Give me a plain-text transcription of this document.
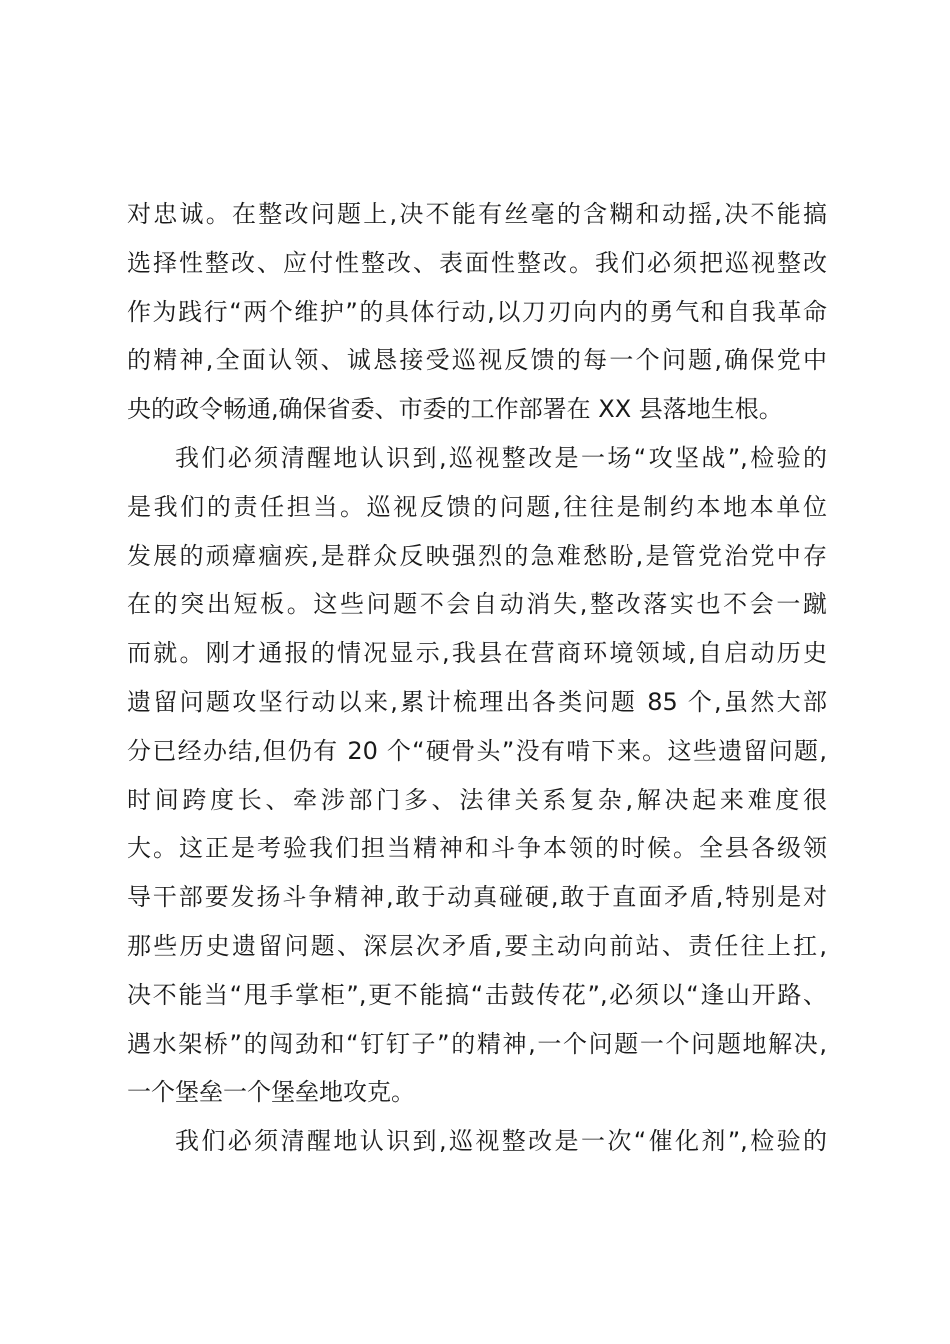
对忠诚。在整改问题上,决不能有丝毫的含糊和动摇,决不能搞
选择性整改、应付性整改、表面性整改。我们必须把巡视整改
作为践行“两个维护”的具体行动,以刀刃向内的勇气和自我革命
的精神,全面认领、诚恳接受巡视反馈的每一个问题,确保党中
央的政令畅通,确保省委、市委的工作部署在 XX 县落地生根。
我们必须清醒地认识到,巡视整改是一场“攻坚战”,检验的
是我们的责任担当。巡视反馈的问题,往往是制约本地本单位
发展的顽瘴痼疾,是群众反映强烈的急难愁盼,是管党治党中存
在的突出短板。这些问题不会自动消失,整改落实也不会一蹴
而就。刚才通报的情况显示,我县在营商环境领域,自启动历史
遗留问题攻坚行动以来,累计梳理出各类问题 85 个,虽然大部
分已经办结,但仍有 20 个“硬骨头”没有啃下来。这些遗留问题,
时间跨度长、牵涉部门多、法律关系复杂,解决起来难度很
大。这正是考验我们担当精神和斗争本领的时候。全县各级领
导干部要发扬斗争精神,敢于动真碰硬,敢于直面矛盾,特别是对
那些历史遗留问题、深层次矛盾,要主动向前站、责任往上扛,
决不能当“甩手掌柜”,更不能搞“击鼓传花”,必须以“逢山开路、
遇水架桥”的闯劲和“钉钉子”的精神,一个问题一个问题地解决,
一个堡垒一个堡垒地攻克。
我们必须清醒地认识到,巡视整改是一次“催化剂”,检验的
